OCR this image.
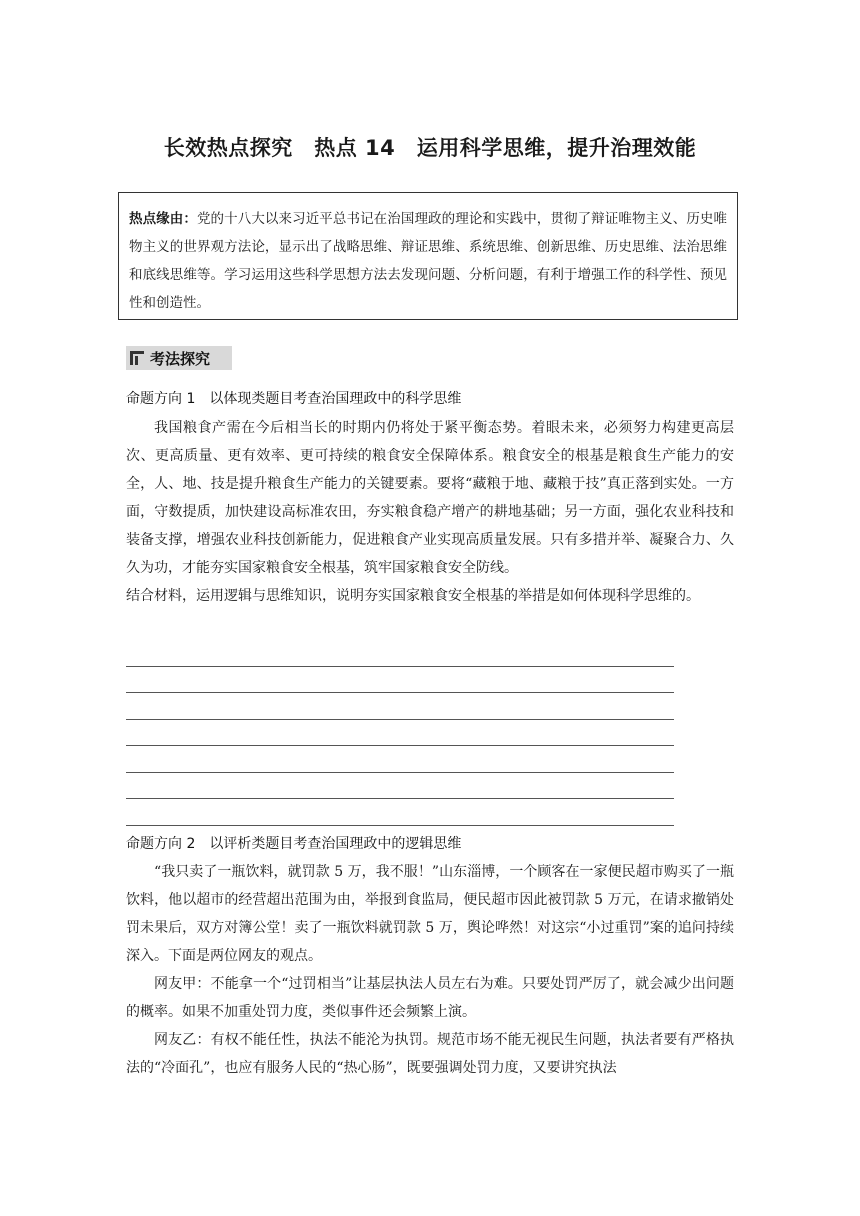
长效热点探究　热点 14　运用科学思维，提升治理效能
热点缘由：党的十八大以来习近平总书记在治国理政的理论和实践中，贯彻了辩证唯物主义、历史唯物主义的世界观方法论，显示出了战略思维、辩证思维、系统思维、创新思维、历史思维、法治思维和底线思维等。学习运用这些科学思想方法去发现问题、分析问题，有利于增强工作的科学性、预见性和创造性。
考法探究
命题方向 1　以体现类题目考查治国理政中的科学思维
我国粮食产需在今后相当长的时期内仍将处于紧平衡态势。着眼未来，必须努力构建更高层次、更高质量、更有效率、更可持续的粮食安全保障体系。粮食安全的根基是粮食生产能力的安全，人、地、技是提升粮食生产能力的关键要素。要将“藏粮于地、藏粮于技”真正落到实处。一方面，守数提质，加快建设高标准农田，夯实粮食稳产增产的耕地基础；另一方面，强化农业科技和装备支撑，增强农业科技创新能力，促进粮食产业实现高质量发展。只有多措并举、凝聚合力、久久为功，才能夯实国家粮食安全根基，筑牢国家粮食安全防线。
结合材料，运用逻辑与思维知识，说明夯实国家粮食安全根基的举措是如何体现科学思维的。
命题方向 2　以评析类题目考查治国理政中的逻辑思维
“我只卖了一瓶饮料，就罚款 5 万，我不服！”山东淄博，一个顾客在一家便民超市购买了一瓶饮料，他以超市的经营超出范围为由，举报到食监局，便民超市因此被罚款 5 万元，在请求撤销处罚未果后，双方对簿公堂！卖了一瓶饮料就罚款 5 万，舆论哗然！对这宗“小过重罚”案的追问持续深入。下面是两位网友的观点。
网友甲：不能拿一个“过罚相当”让基层执法人员左右为难。只要处罚严厉了，就会减少出问题的概率。如果不加重处罚力度，类似事件还会频繁上演。
网友乙：有权不能任性，执法不能沦为执罚。规范市场不能无视民生问题，执法者要有严格执法的“冷面孔”，也应有服务人民的“热心肠”，既要强调处罚力度，又要讲究执法
